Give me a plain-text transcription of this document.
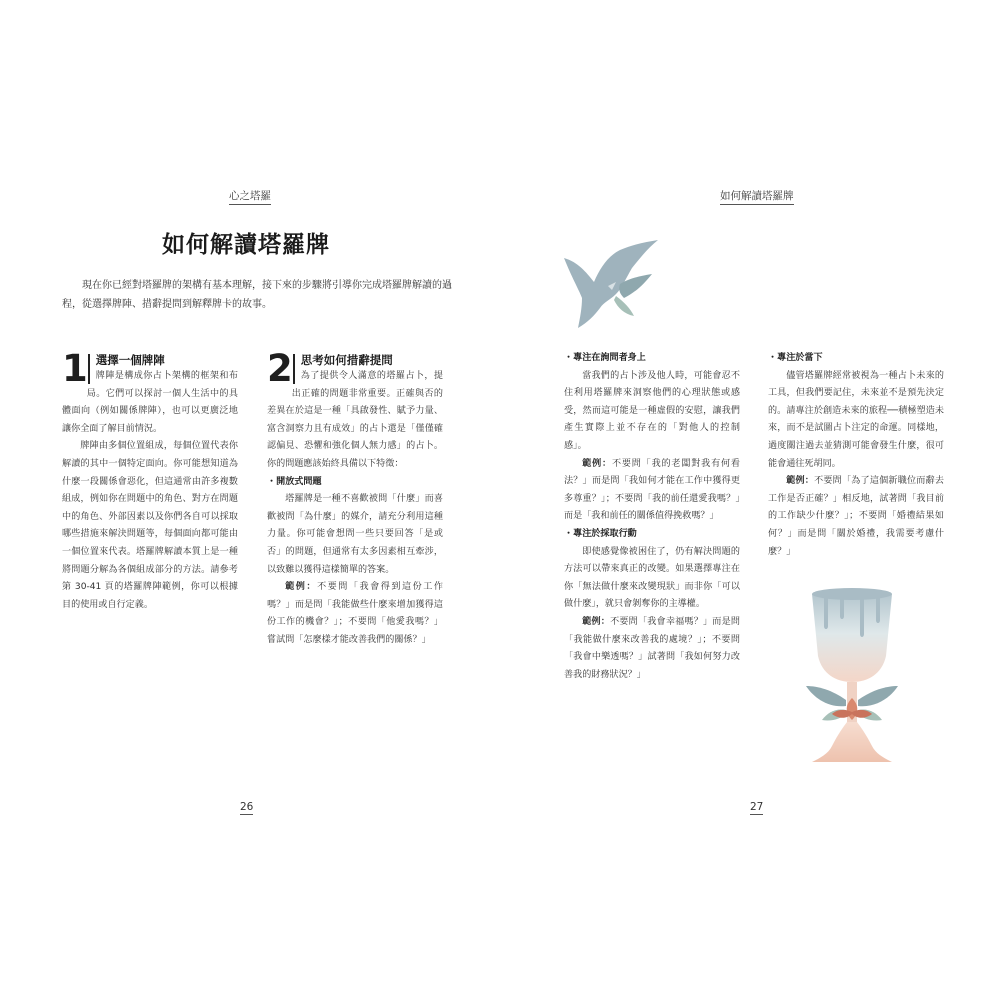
心之塔羅
如何解讀塔羅牌

現在你已經對塔羅牌的架構有基本理解，接下來的步驟將引導你完成塔羅牌解讀的過程，從選擇牌陣、措辭提問到解釋牌卡的故事。

1 選擇一個牌陣
牌陣是構成你占卜架構的框架和布局。它們可以探討一個人生活中的具體面向（例如關係牌陣），也可以更廣泛地讓你全面了解目前情況。

牌陣由多個位置組成，每個位置代表你解讀的其中一個特定面向。你可能想知道為什麼一段關係會惡化，但這通常由許多複數組成，例如你在問題中的角色、對方在問題中的角色、外部因素以及你們各自可以採取哪些措施來解決問題等，每個面向都可能由一個位置來代表。塔羅牌解讀本質上是一種將問題分解為各個組成部分的方法。請參考第 30-41 頁的塔羅牌陣範例，你可以根據目的使用或自行定義。

2 思考如何措辭提問
為了提供令人滿意的塔羅占卜，提出正確的問題非常重要。正確與否的差異在於這是一種「具啟發性、賦予力量、富含洞察力且有成效」的占卜還是「僅僅確認偏見、恐懼和強化個人無力感」的占卜。你的問題應該始終具備以下特徵：

・開放式問題

塔羅牌是一種不喜歡被問「什麼」而喜歡被問「為什麼」的媒介，請充分利用這種力量。你可能會想問一些只要回答「是或否」的問題，但通常有太多因素相互牽涉，以致難以獲得這樣簡單的答案。

範例：不要問「我會得到這份工作嗎？」而是問「我能做些什麼來增加獲得這份工作的機會？」；不要問「他愛我嗎？」嘗試問「怎麼樣才能改善我們的關係？」

26
如何解讀塔羅牌

・專注在詢問者身上

當我們的占卜涉及他人時，可能會忍不住利用塔羅牌來洞察他們的心理狀態或感受，然而這可能是一種虛假的安慰，讓我們產生實際上並不存在的「對他人的控制感」。

範例：不要問「我的老闆對我有何看法？」而是問「我如何才能在工作中獲得更多尊重？」；不要問「我的前任還愛我嗎？」而是「我和前任的關係值得挽救嗎？」

・專注於採取行動

即使感覺像被困住了，仍有解決問題的方法可以帶來真正的改變。如果選擇專注在你「無法做什麼來改變現狀」而非你「可以做什麼」，就只會剝奪你的主導權。

範例：不要問「我會幸福嗎？」而是問「我能做什麼來改善我的處境？」；不要問「我會中樂透嗎？」試著問「我如何努力改善我的財務狀況？」

・專注於當下

儘管塔羅牌經常被視為一種占卜未來的工具，但我們要記住，未來並不是預先決定的。請專注於創造未來的旅程──積極塑造未來，而不是試圖占卜注定的命運。同樣地，過度關注過去並猜測可能會發生什麼，很可能會通往死胡同。

範例：不要問「為了這個新職位而辭去工作是否正確？」相反地，試著問「我目前的工作缺少什麼？」；不要問「婚禮結果如何？」而是問「關於婚禮，我需要考慮什麼？」

27
